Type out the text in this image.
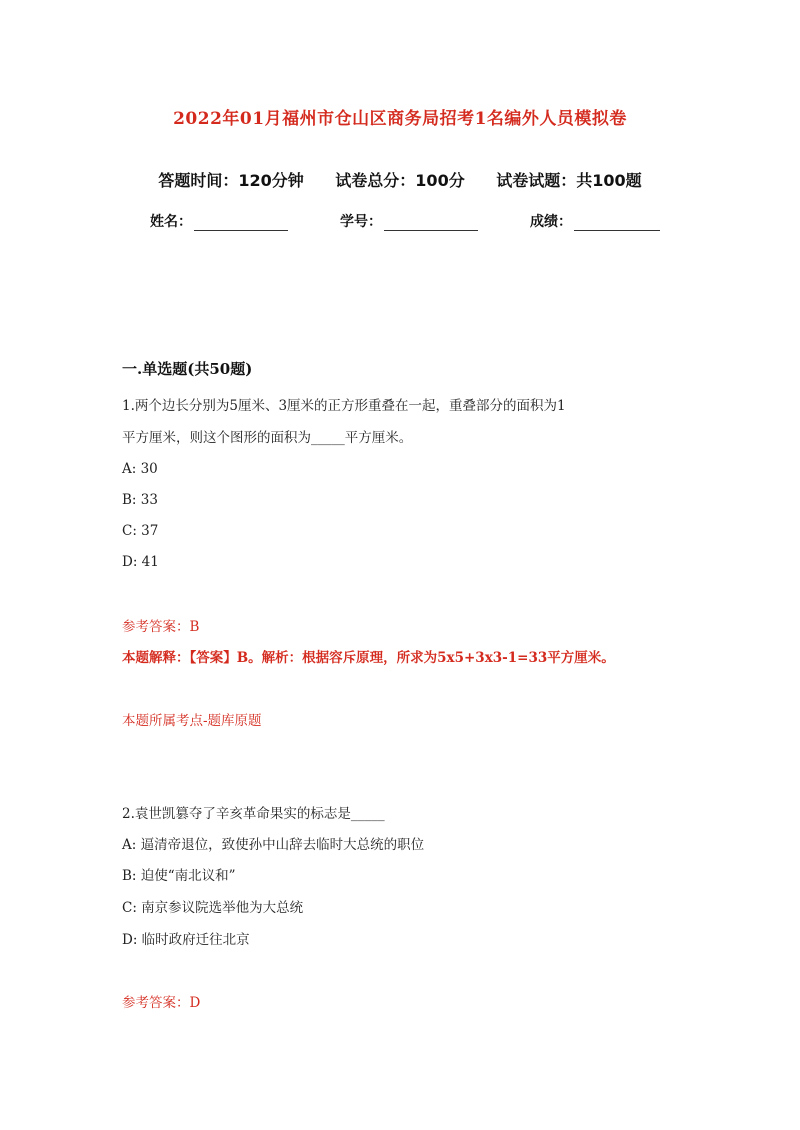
2022年01月福州市仓山区商务局招考1名编外人员模拟卷
答题时间：120分钟 试卷总分：100分 试卷试题：共100题
姓名：	学号：	成绩：
一.单选题(共50题)
1.两个边长分别为5厘米、3厘米的正方形重叠在一起，重叠部分的面积为1
平方厘米，则这个图形的面积为_____平方厘米。
A: 30
B: 33
C: 37
D: 41
参考答案：B
本题解释：【答案】B。解析：根据容斥原理，所求为5x5+3x3-1=33平方厘米。
本题所属考点-题库原题
2.袁世凯篡夺了辛亥革命果实的标志是_____
A: 逼清帝退位，致使孙中山辞去临时大总统的职位
B: 迫使“南北议和”
C: 南京参议院选举他为大总统
D: 临时政府迁往北京
参考答案：D
